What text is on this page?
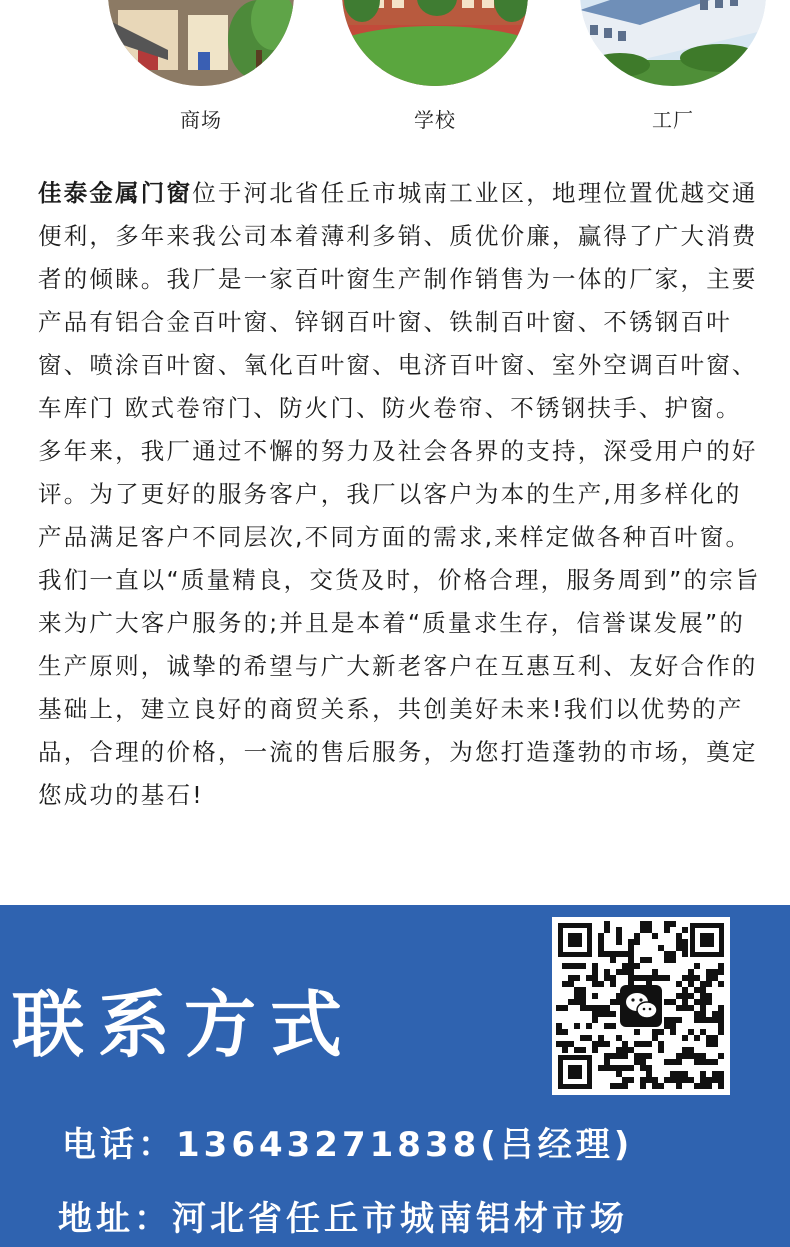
商场	学校	工厂

佳泰金属门窗位于河北省任丘市城南工业区，地理位置优越交通便利，多年来我公司本着薄利多销、质优价廉，赢得了广大消费者的倾睐。我厂是一家百叶窗生产制作销售为一体的厂家，主要产品有铝合金百叶窗、锌钢百叶窗、铁制百叶窗、不锈钢百叶窗、喷涂百叶窗、氧化百叶窗、电济百叶窗、室外空调百叶窗、车库门 欧式卷帘门、防火门、防火卷帘、不锈钢扶手、护窗。

多年来，我厂通过不懈的努力及社会各界的支持，深受用户的好评。为了更好的服务客户，我厂以客户为本的生产,用多样化的产品满足客户不同层次,不同方面的需求,来样定做各种百叶窗。

我们一直以“质量精良，交货及时，价格合理，服务周到”的宗旨来为广大客户服务的;并且是本着“质量求生存，信誉谋发展”的生产原则，诚挚的希望与广大新老客户在互惠互利、友好合作的基础上，建立良好的商贸关系，共创美好未来!我们以优势的产品，合理的价格，一流的售后服务，为您打造蓬勃的市场，奠定您成功的基石!

联系方式
电话：13643271838(吕经理)
地址：河北省任丘市城南铝材市场
